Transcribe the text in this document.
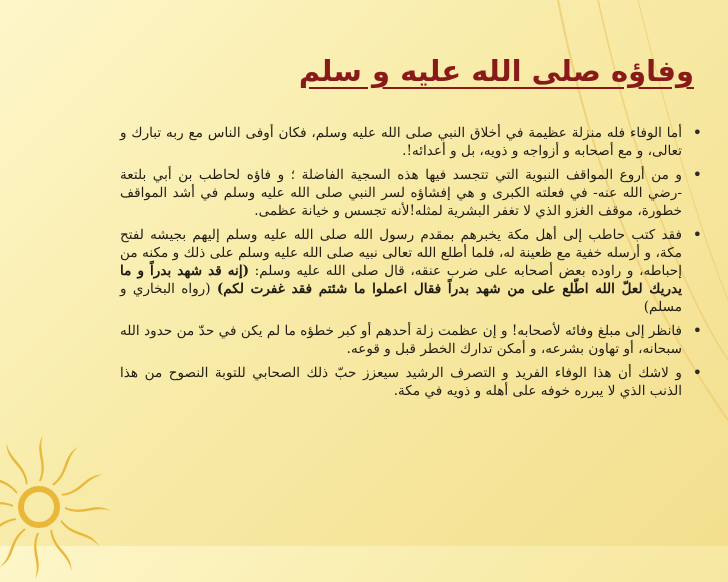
وفاؤه صلى الله عليه و سلم
•
أما الوفاء فله منزلة عظيمة في أخلاق النبي صلى الله عليه وسلم، فكان أوفى الناس مع ربه تبارك و تعالى، و مع أصحابه و أزواجه و ذويه، بل و أعدائه!.
•
و من أروع المواقف النبوية التي تتجسد فيها هذه السجية الفاضلة ؛ و فاؤه لحاطب بن أبي بلتعة -رضي الله عنه- في فعلته الكبرى و هي إفشاؤه لسر النبي صلى الله عليه وسلم في أشد المواقف خطورة، موقف الغزو الذي لا تغفر البشرية لمثله!لأنه تجسس و خيانة عظمى.
•
فقد كتب حاطب إلى أهل مكة يخبرهم بمقدم رسول الله صلى الله عليه وسلم إليهم بجيشه لفتح مكة، و أرسله خفية مع ظعينة له، فلما أطلع الله تعالى نبيه صلى الله عليه وسلم على ذلك و مكنه من إحباطه، و راوده بعض أصحابه على ضرب عنقه، قال صلى الله عليه وسلم: (إنه قد شهد بدراً و ما يدريك لعلّ الله اطّلع على من شهد بدراً فقال اعملوا ما شئتم فقد غفرت لكم) (رواه البخاري و مسلم)
•
فانظر إلى مبلغ وفائه لأصحابه! و إن عظمت زلة أحدهم أو كبر خطؤه ما لم يكن في حدّ من حدود الله سبحانه، أو تهاون بشرعه، و أمكن تدارك الخطر قبل و قوعه.
•
و لاشك أن هذا الوفاء الفريد و التصرف الرشيد سيعزز حبّ ذلك الصحابي للتوبة النصوح من هذا الذنب الذي لا يبرره خوفه على أهله و ذويه في مكة.
